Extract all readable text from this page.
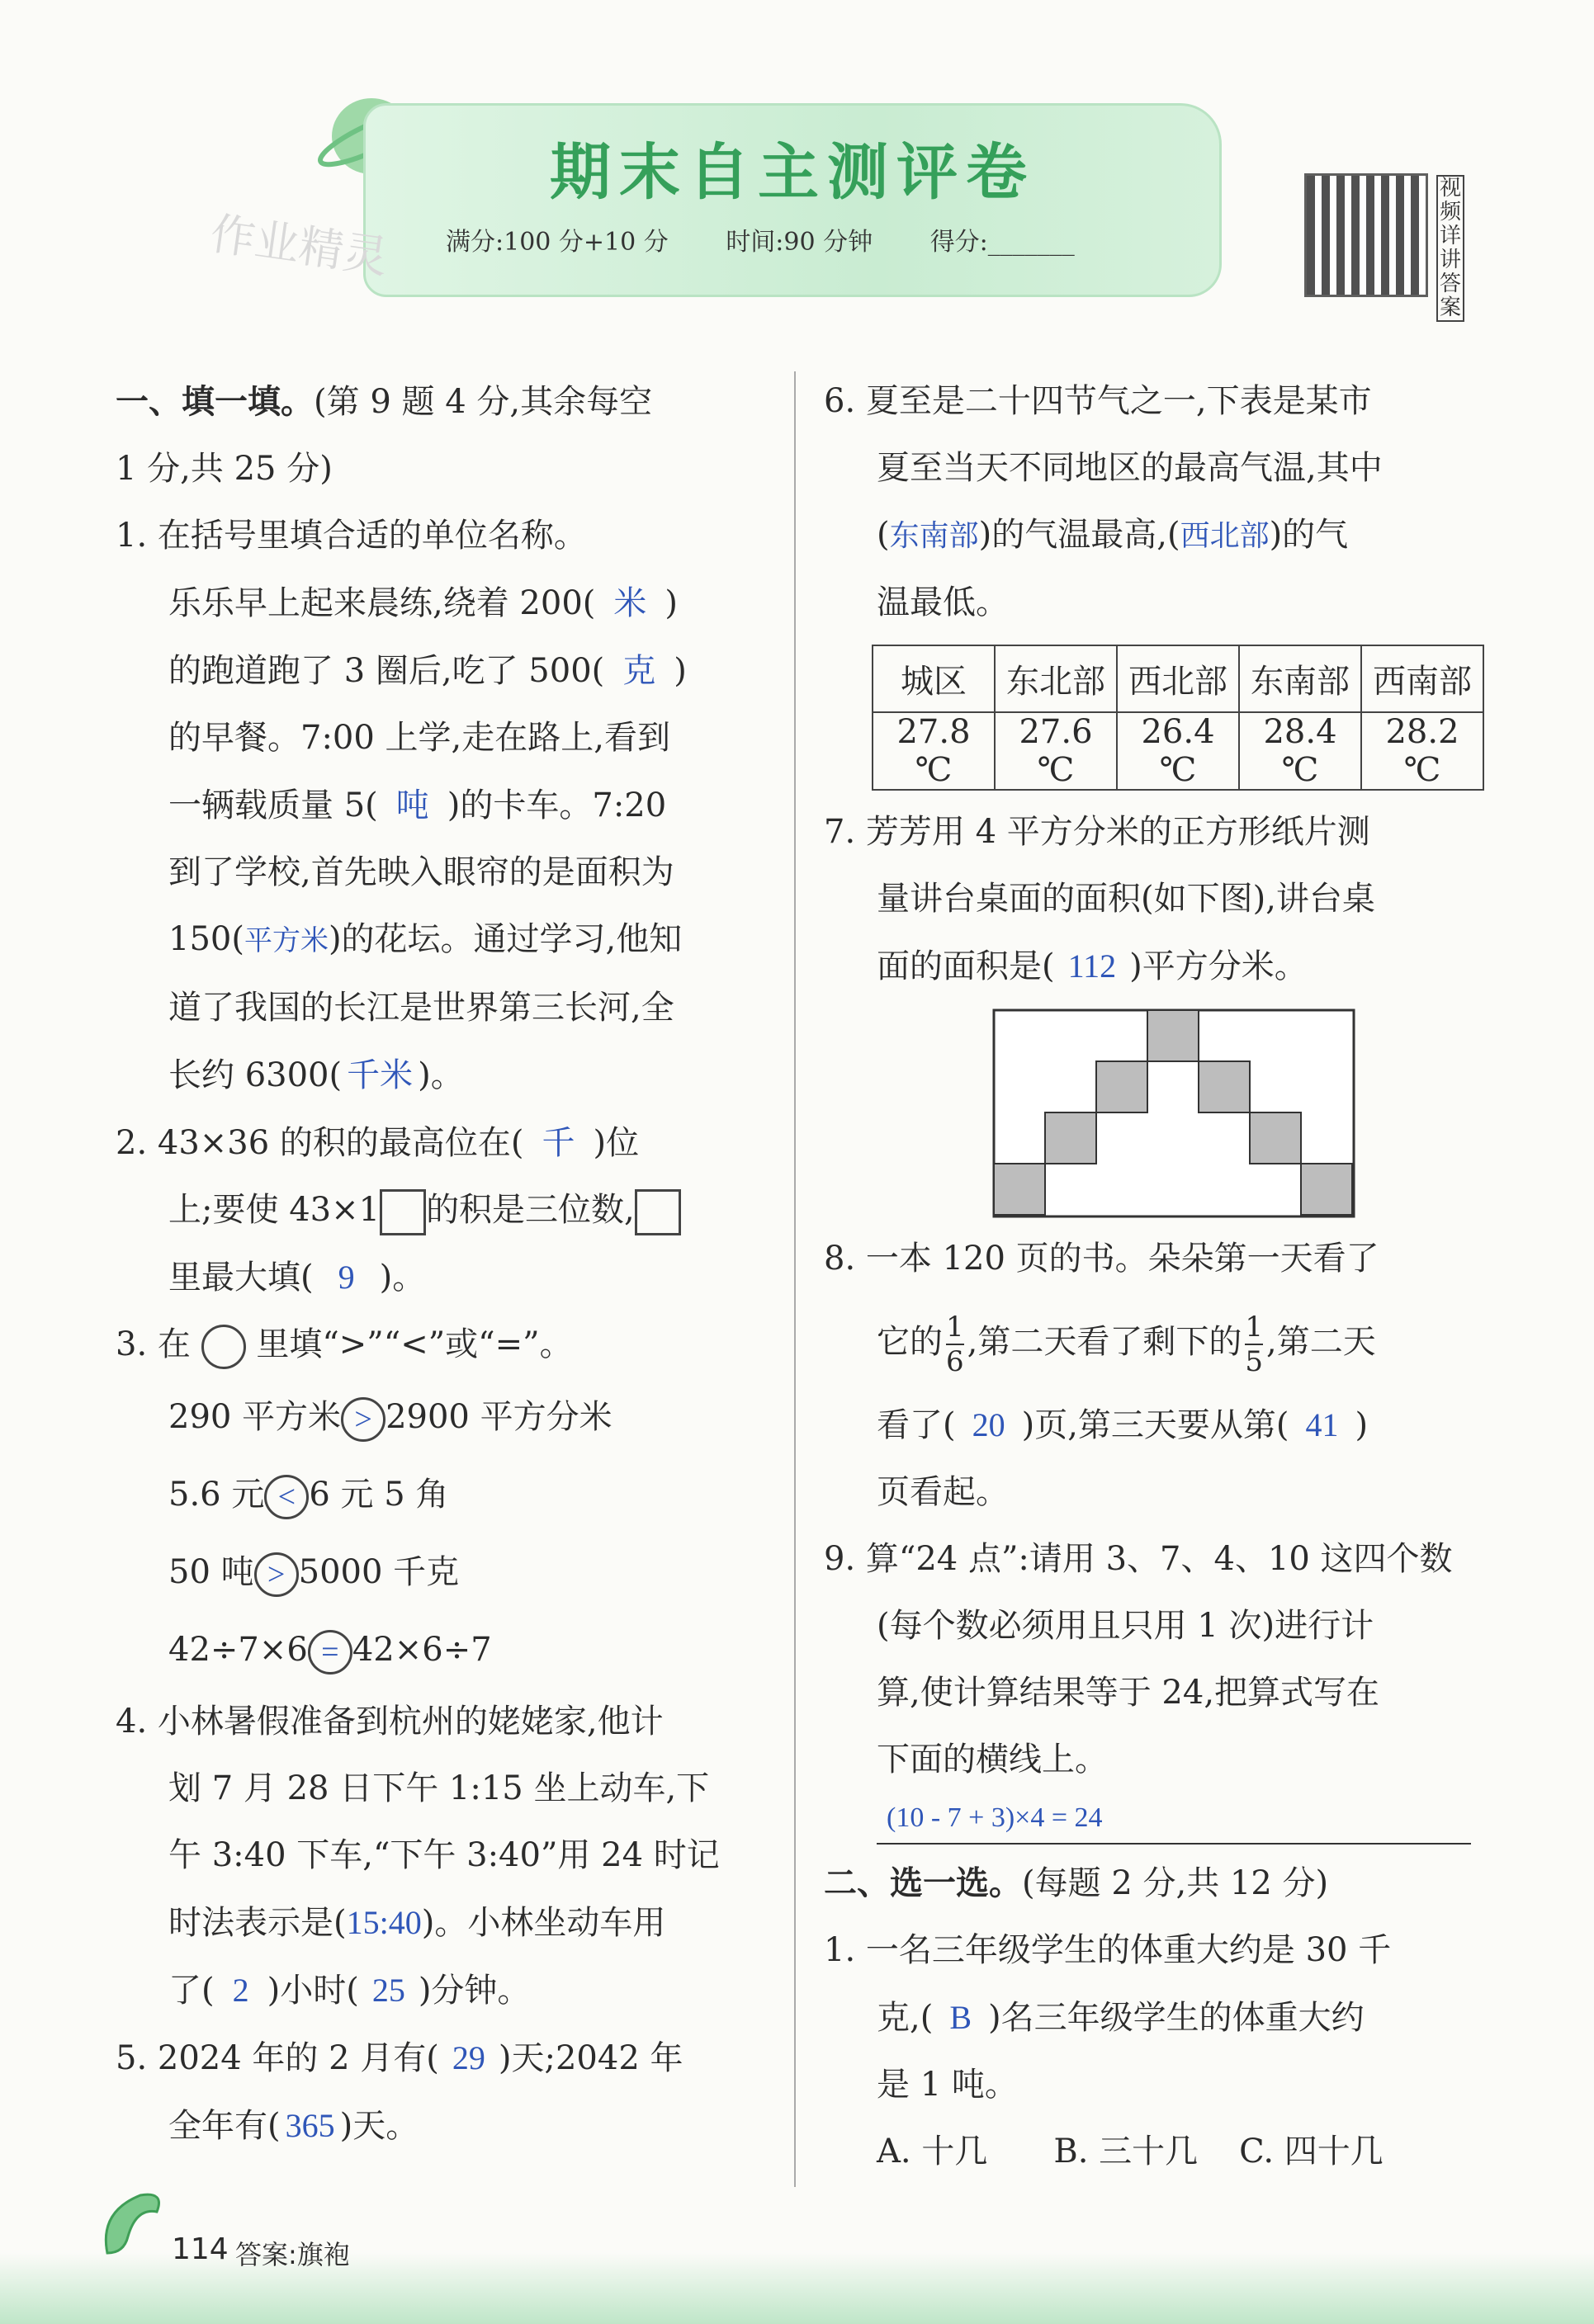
期末自主测评卷
满分:100 分+10 分 时间:90 分钟 得分:_______
作业精灵
视频详讲答案
一、填一填。(第 9 题 4 分,其余每空
1 分,共 25 分)
1. 在括号里填合适的单位名称。
乐乐早上起来晨练,绕着 200( 米 )
的跑道跑了 3 圈后,吃了 500( 克 )
的早餐。7:00 上学,走在路上,看到
一辆载质量 5( 吨 )的卡车。7:20
到了学校,首先映入眼帘的是面积为
150(平方米)的花坛。通过学习,他知
道了我国的长江是世界第三长河,全
长约 6300( 千米 )。
2. 43×36 的积的最高位在( 千 )位
上;要使 43×1 的积是三位数,
里最大填( 9 )。
3. 在 里填“>”“<”或“=”。
290 平方米 > 2900 平方分米
5.6 元 < 6 元 5 角
50 吨 > 5000 千克
42÷7×6 = 42×6÷7
4. 小林暑假准备到杭州的姥姥家,他计
划 7 月 28 日下午 1:15 坐上动车,下
午 3:40 下车,“下午 3:40”用 24 时记
时法表示是(15:40)。小林坐动车用
了( 2 )小时( 25 )分钟。
5. 2024 年的 2 月有( 29 )天;2042 年
全年有( 365 )天。
6. 夏至是二十四节气之一,下表是某市
夏至当天不同地区的最高气温,其中
(东南部)的气温最高,(西北部)的气
温最低。
城区	东北部	西北部	东南部	西南部
27.8 ℃	27.6 ℃	26.4 ℃	28.4 ℃	28.2 ℃
7. 芳芳用 4 平方分米的正方形纸片测
量讲台桌面的面积(如下图),讲台桌
面的面积是( 112 )平方分米。
8. 一本 120 页的书。朵朵第一天看了
它的 $\frac{1}{6}$ ,第二天看了剩下的 $\frac{1}{5}$ ,第二天
看了( 20 )页,第三天要从第( 41 )
页看起。
9. 算“24 点”:请用 3、7、4、10 这四个数
(每个数必须用且只用 1 次)进行计
算,使计算结果等于 24,把算式写在
下面的横线上。
(10 - 7 + 3)×4 = 24
二、选一选。(每题 2 分,共 12 分)
1. 一名三年级学生的体重大约是 30 千
克,( B )名三年级学生的体重大约
是 1 吨。
A. 十几 B. 三十几 C. 四十几
114 答案:旗袍
